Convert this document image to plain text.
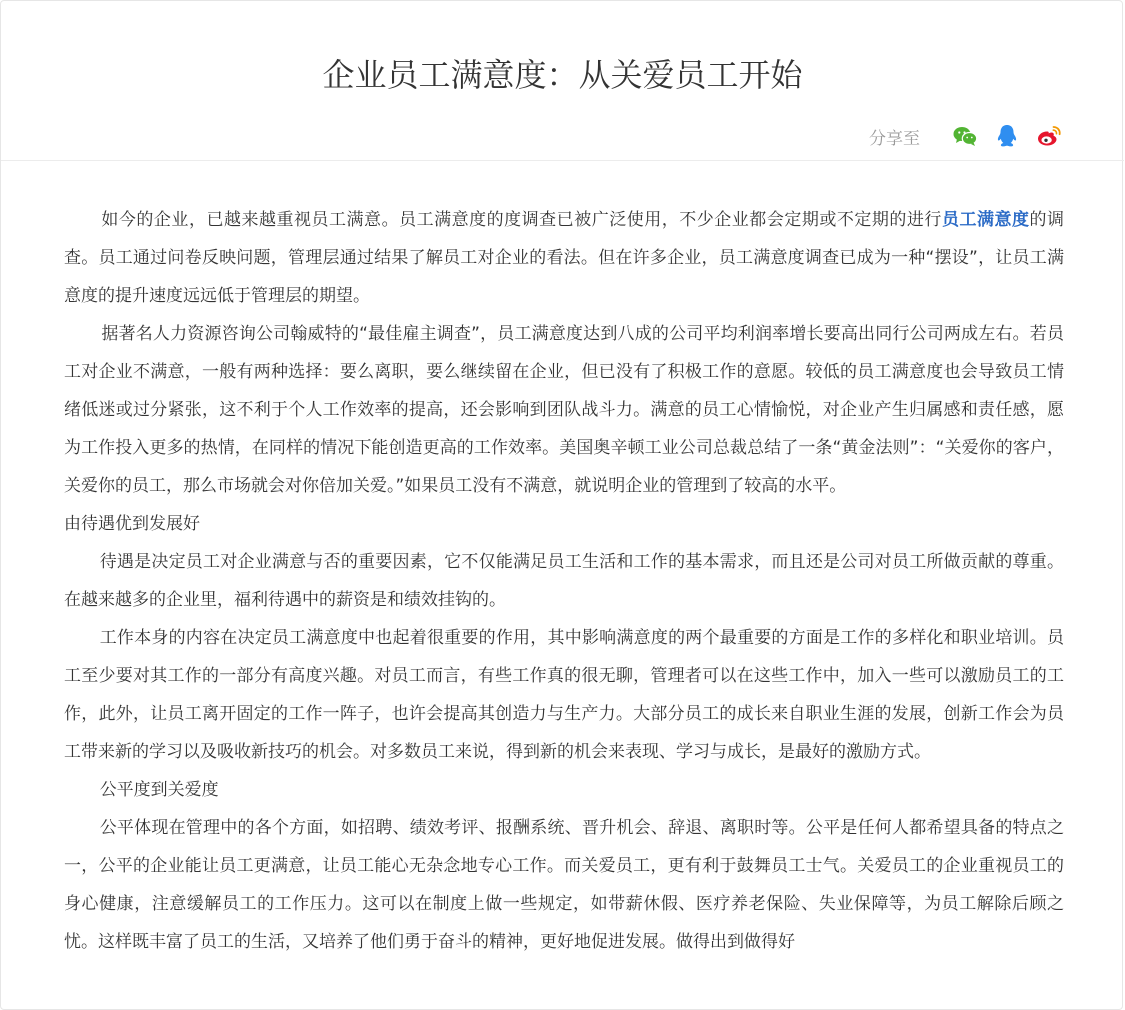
企业员工满意度：从关爱员工开始
分享至

如今的企业，已越来越重视员工满意。员工满意度的度调查已被广泛使用，不少企业都会定期或不定期的进行员工满意度的调查。员工通过问卷反映问题，管理层通过结果了解员工对企业的看法。但在许多企业，员工满意度调查已成为一种“摆设”，让员工满意度的提升速度远远低于管理层的期望。

据著名人力资源咨询公司翰威特的“最佳雇主调查”，员工满意度达到八成的公司平均利润率增长要高出同行公司两成左右。若员工对企业不满意，一般有两种选择：要么离职，要么继续留在企业，但已没有了积极工作的意愿。较低的员工满意度也会导致员工情绪低迷或过分紧张，这不利于个人工作效率的提高，还会影响到团队战斗力。满意的员工心情愉悦，对企业产生归属感和责任感，愿为工作投入更多的热情，在同样的情况下能创造更高的工作效率。美国奥辛顿工业公司总裁总结了一条“黄金法则”：“关爱你的客户，关爱你的员工，那么市场就会对你倍加关爱。”如果员工没有不满意，就说明企业的管理到了较高的水平。

由待遇优到发展好

待遇是决定员工对企业满意与否的重要因素，它不仅能满足员工生活和工作的基本需求，而且还是公司对员工所做贡献的尊重。在越来越多的企业里，福利待遇中的薪资是和绩效挂钩的。

工作本身的内容在决定员工满意度中也起着很重要的作用，其中影响满意度的两个最重要的方面是工作的多样化和职业培训。员工至少要对其工作的一部分有高度兴趣。对员工而言，有些工作真的很无聊，管理者可以在这些工作中，加入一些可以激励员工的工作，此外，让员工离开固定的工作一阵子，也许会提高其创造力与生产力。大部分员工的成长来自职业生涯的发展，创新工作会为员工带来新的学习以及吸收新技巧的机会。对多数员工来说，得到新的机会来表现、学习与成长，是最好的激励方式。

公平度到关爱度

公平体现在管理中的各个方面，如招聘、绩效考评、报酬系统、晋升机会、辞退、离职时等。公平是任何人都希望具备的特点之一，公平的企业能让员工更满意，让员工能心无杂念地专心工作。而关爱员工，更有利于鼓舞员工士气。关爱员工的企业重视员工的身心健康，注意缓解员工的工作压力。这可以在制度上做一些规定，如带薪休假、医疗养老保险、失业保障等，为员工解除后顾之忧。这样既丰富了员工的生活，又培养了他们勇于奋斗的精神，更好地促进发展。做得出到做得好
